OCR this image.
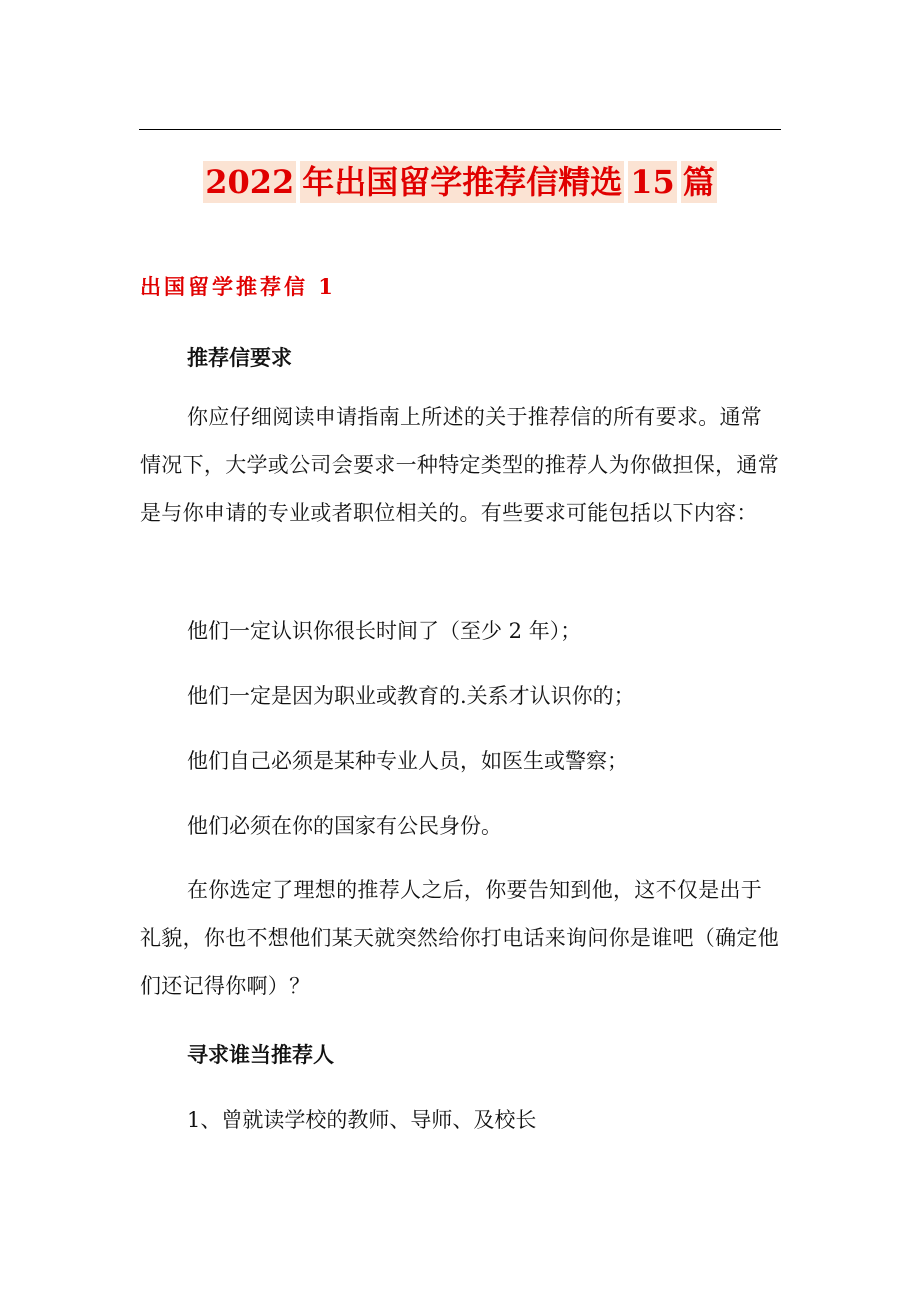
2022 年出国留学推荐信精选 15 篇
出国留学推荐信 1
推荐信要求
你应仔细阅读申请指南上所述的关于推荐信的所有要求。通常情况下，大学或公司会要求一种特定类型的推荐人为你做担保，通常是与你申请的专业或者职位相关的。有些要求可能包括以下内容：
他们一定认识你很长时间了（至少 2 年）；
他们一定是因为职业或教育的.关系才认识你的；
他们自己必须是某种专业人员，如医生或警察；
他们必须在你的国家有公民身份。
在你选定了理想的推荐人之后，你要告知到他，这不仅是出于礼貌，你也不想他们某天就突然给你打电话来询问你是谁吧（确定他们还记得你啊）？
寻求谁当推荐人
1、曾就读学校的教师、导师、及校长
